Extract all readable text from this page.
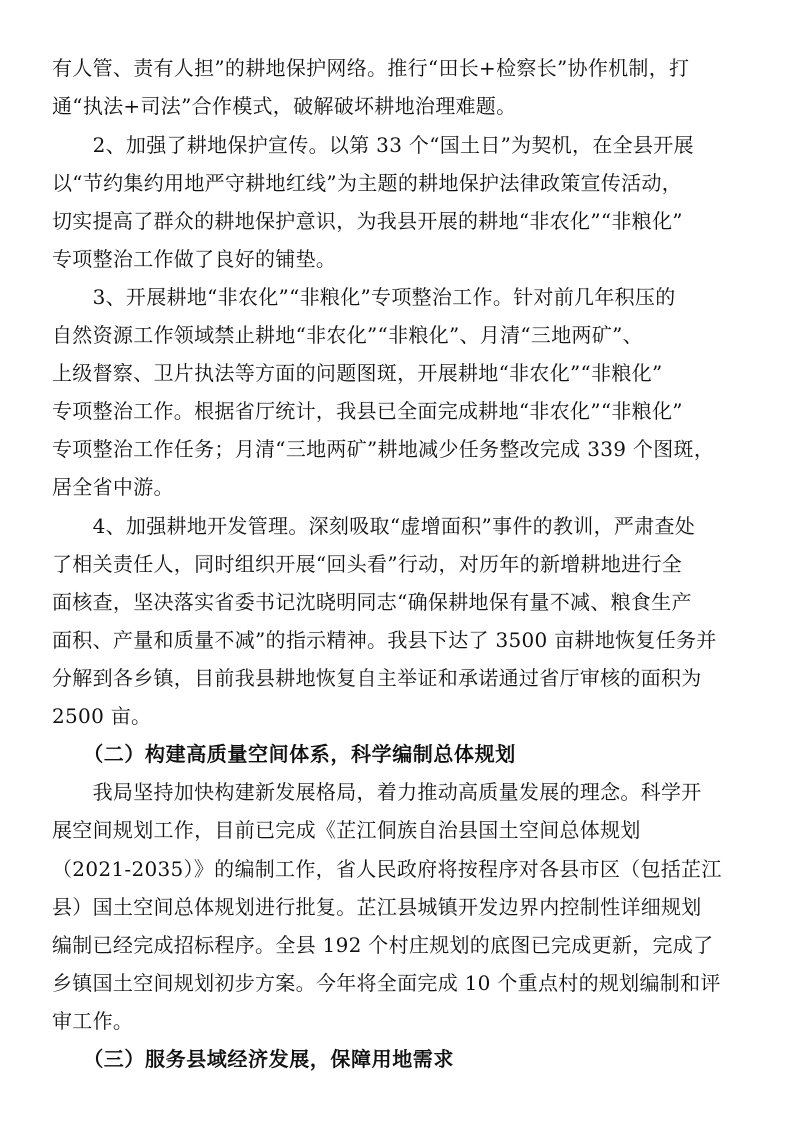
有人管、责有人担”的耕地保护网络。推行“田长+检察长”协作机制，打
通“执法+司法”合作模式，破解破坏耕地治理难题。
　　2、加强了耕地保护宣传。以第 33 个“国土日”为契机，在全县开展
以“节约集约用地严守耕地红线”为主题的耕地保护法律政策宣传活动，
切实提高了群众的耕地保护意识，为我县开展的耕地“非农化”“非粮化”
专项整治工作做了良好的铺垫。
　　3、开展耕地“非农化”“非粮化”专项整治工作。针对前几年积压的
自然资源工作领域禁止耕地“非农化”“非粮化”、月清“三地两矿”、
上级督察、卫片执法等方面的问题图斑，开展耕地“非农化”“非粮化”
专项整治工作。根据省厅统计，我县已全面完成耕地“非农化”“非粮化”
专项整治工作任务；月清“三地两矿”耕地减少任务整改完成 339 个图斑，
居全省中游。
　　4、加强耕地开发管理。深刻吸取“虚增面积”事件的教训，严肃查处
了相关责任人，同时组织开展“回头看”行动，对历年的新增耕地进行全
面核查，坚决落实省委书记沈晓明同志“确保耕地保有量不减、粮食生产
面积、产量和质量不减”的指示精神。我县下达了 3500 亩耕地恢复任务并
分解到各乡镇，目前我县耕地恢复自主举证和承诺通过省厅审核的面积为
2500 亩。
　　（二）构建高质量空间体系，科学编制总体规划
　　我局坚持加快构建新发展格局，着力推动高质量发展的理念。科学开
展空间规划工作，目前已完成《芷江侗族自治县国土空间总体规划
（2021-2035）》的编制工作，省人民政府将按程序对各县市区（包括芷江
县）国土空间总体规划进行批复。芷江县城镇开发边界内控制性详细规划
编制已经完成招标程序。全县 192 个村庄规划的底图已完成更新，完成了
乡镇国土空间规划初步方案。今年将全面完成 10 个重点村的规划编制和评
审工作。
　　（三）服务县域经济发展，保障用地需求
